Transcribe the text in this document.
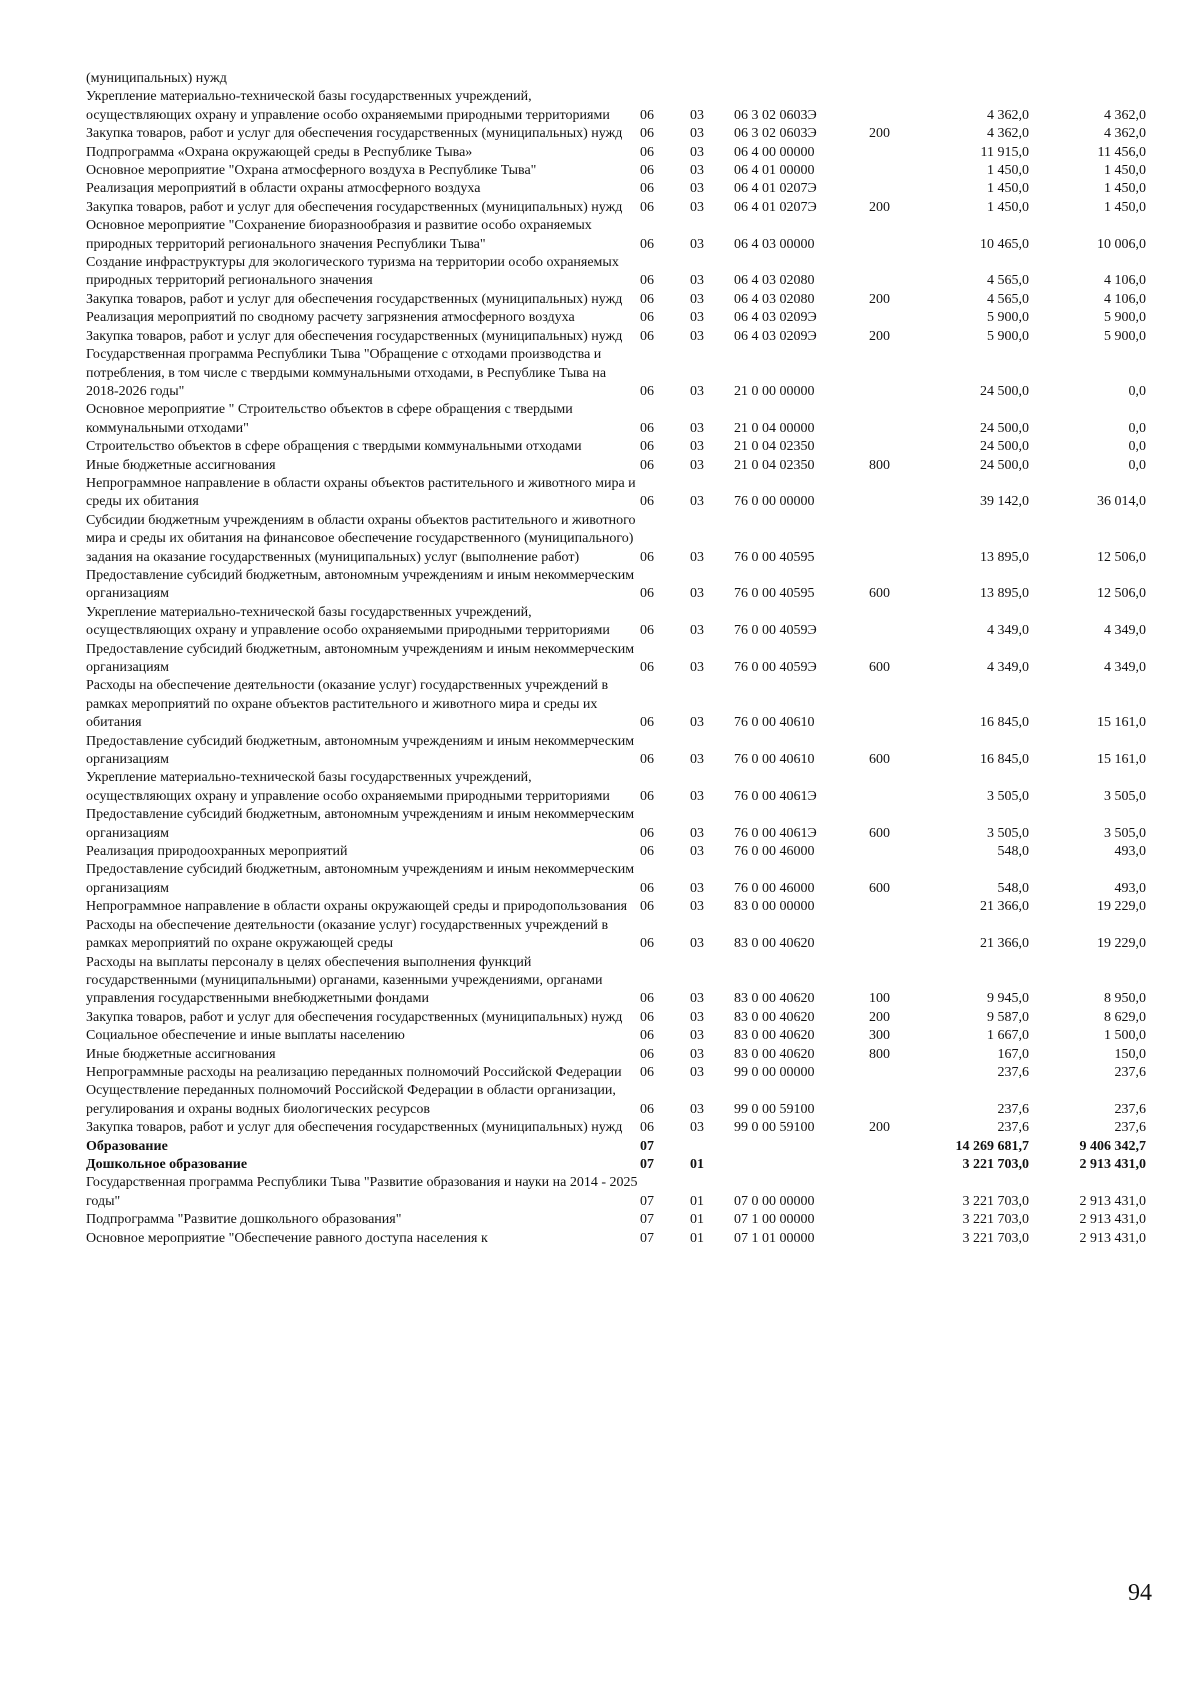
(муниципальных) нужд						
Укрепление материально-технической базы государственных учреждений, осуществляющих охрану и управление особо охраняемыми природными территориями	06	03	06 3 02 0603Э		4 362,0	4 362,0
Закупка товаров, работ и услуг для обеспечения государственных (муниципальных) нужд	06	03	06 3 02 0603Э	200	4 362,0	4 362,0
Подпрограмма «Охрана окружающей среды в Республике Тыва»	06	03	06 4 00 00000		11 915,0	11 456,0
Основное мероприятие "Охрана атмосферного воздуха в Республике Тыва"	06	03	06 4 01 00000		1 450,0	1 450,0
Реализация мероприятий в области охраны атмосферного воздуха	06	03	06 4 01 0207Э		1 450,0	1 450,0
Закупка товаров, работ и услуг для обеспечения государственных (муниципальных) нужд	06	03	06 4 01 0207Э	200	1 450,0	1 450,0
Основное мероприятие "Сохранение биоразнообразия и развитие особо охраняемых природных территорий регионального значения Республики Тыва"	06	03	06 4 03 00000		10 465,0	10 006,0
Создание инфраструктуры для экологического туризма на территории особо охраняемых природных территорий регионального значения	06	03	06 4 03 02080		4 565,0	4 106,0
Закупка товаров, работ и услуг для обеспечения государственных (муниципальных) нужд	06	03	06 4 03 02080	200	4 565,0	4 106,0
Реализация мероприятий по сводному расчету загрязнения атмосферного воздуха	06	03	06 4 03 0209Э		5 900,0	5 900,0
Закупка товаров, работ и услуг для обеспечения государственных (муниципальных) нужд	06	03	06 4 03 0209Э	200	5 900,0	5 900,0
Государственная программа Республики Тыва "Обращение с отходами производства и потребления, в том числе с твердыми коммунальными отходами, в Республике Тыва на 2018-2026 годы"	06	03	21 0 00 00000		24 500,0	0,0
Основное мероприятие " Строительство объектов в сфере обращения с твердыми коммунальными отходами"	06	03	21 0 04 00000		24 500,0	0,0
Строительство объектов в сфере обращения с твердыми коммунальными отходами	06	03	21 0 04 02350		24 500,0	0,0
Иные бюджетные ассигнования	06	03	21 0 04 02350	800	24 500,0	0,0
Непрограммное направление в области охраны объектов растительного и животного мира и среды их обитания	06	03	76 0 00 00000		39 142,0	36 014,0
Субсидии бюджетным учреждениям в области охраны объектов растительного и животного мира и среды их обитания на финансовое обеспечение государственного (муниципального) задания на оказание государственных (муниципальных) услуг (выполнение работ)	06	03	76 0 00 40595		13 895,0	12 506,0
Предоставление субсидий бюджетным, автономным учреждениям и иным некоммерческим организациям	06	03	76 0 00 40595	600	13 895,0	12 506,0
Укрепление материально-технической базы государственных учреждений, осуществляющих охрану и управление особо охраняемыми природными территориями	06	03	76 0 00 4059Э		4 349,0	4 349,0
Предоставление субсидий бюджетным, автономным учреждениям и иным некоммерческим организациям	06	03	76 0 00 4059Э	600	4 349,0	4 349,0
Расходы на обеспечение деятельности (оказание услуг) государственных учреждений в рамках мероприятий по охране объектов растительного и животного мира и среды их обитания	06	03	76 0 00 40610		16 845,0	15 161,0
Предоставление субсидий бюджетным, автономным учреждениям и иным некоммерческим организациям	06	03	76 0 00 40610	600	16 845,0	15 161,0
Укрепление материально-технической базы государственных учреждений, осуществляющих охрану и управление особо охраняемыми природными территориями	06	03	76 0 00 4061Э		3 505,0	3 505,0
Предоставление субсидий бюджетным, автономным учреждениям и иным некоммерческим организациям	06	03	76 0 00 4061Э	600	3 505,0	3 505,0
Реализация природоохранных мероприятий	06	03	76 0 00 46000		548,0	493,0
Предоставление субсидий бюджетным, автономным учреждениям и иным некоммерческим организациям	06	03	76 0 00 46000	600	548,0	493,0
Непрограммное направление в области охраны окружающей среды и природопользования	06	03	83 0 00 00000		21 366,0	19 229,0
Расходы на обеспечение деятельности (оказание услуг) государственных учреждений в рамках мероприятий по охране окружающей среды	06	03	83 0 00 40620		21 366,0	19 229,0
Расходы на выплаты персоналу в целях обеспечения выполнения функций государственными (муниципальными) органами, казенными учреждениями, органами управления государственными внебюджетными фондами	06	03	83 0 00 40620	100	9 945,0	8 950,0
Закупка товаров, работ и услуг для обеспечения государственных (муниципальных) нужд	06	03	83 0 00 40620	200	9 587,0	8 629,0
Социальное обеспечение и иные выплаты населению	06	03	83 0 00 40620	300	1 667,0	1 500,0
Иные бюджетные ассигнования	06	03	83 0 00 40620	800	167,0	150,0
Непрограммные расходы на реализацию переданных полномочий Российской Федерации	06	03	99 0 00 00000		237,6	237,6
Осуществление переданных полномочий Российской Федерации в области организации, регулирования и охраны водных биологических ресурсов	06	03	99 0 00 59100		237,6	237,6
Закупка товаров, работ и услуг для обеспечения государственных (муниципальных) нужд	06	03	99 0 00 59100	200	237,6	237,6
Образование	07				14 269 681,7	9 406 342,7
Дошкольное образование	07	01			3 221 703,0	2 913 431,0
Государственная программа Республики Тыва "Развитие образования и науки на 2014 - 2025 годы"	07	01	07 0 00 00000		3 221 703,0	2 913 431,0
Подпрограмма "Развитие дошкольного образования"	07	01	07 1 00 00000		3 221 703,0	2 913 431,0
Основное мероприятие "Обеспечение равного доступа населения к	07	01	07 1 01 00000		3 221 703,0	2 913 431,0
94
